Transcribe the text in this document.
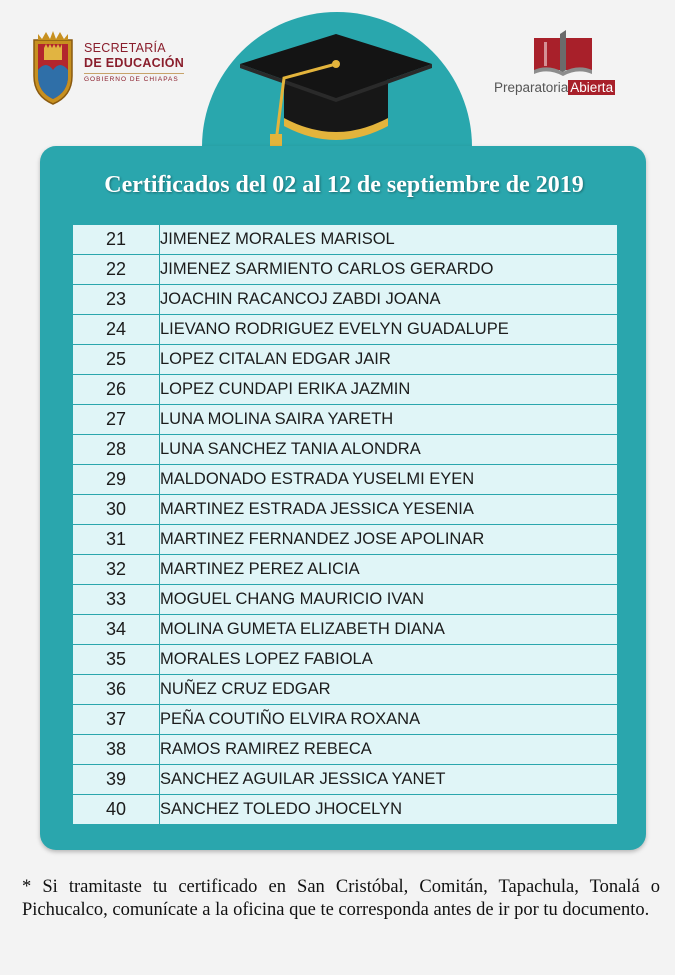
SECRETARÍA
DE EDUCACIÓN
GOBIERNO DE CHIAPAS
Preparatoria Abierta
Certificados del 02 al 12 de septiembre de 2019
21	JIMENEZ MORALES MARISOL
22	JIMENEZ SARMIENTO CARLOS GERARDO
23	JOACHIN RACANCOJ ZABDI JOANA
24	LIEVANO RODRIGUEZ EVELYN GUADALUPE
25	LOPEZ CITALAN EDGAR JAIR
26	LOPEZ CUNDAPI ERIKA JAZMIN
27	LUNA MOLINA SAIRA YARETH
28	LUNA SANCHEZ TANIA ALONDRA
29	MALDONADO ESTRADA YUSELMI EYEN
30	MARTINEZ ESTRADA JESSICA YESENIA
31	MARTINEZ FERNANDEZ JOSE APOLINAR
32	MARTINEZ PEREZ ALICIA
33	MOGUEL CHANG MAURICIO IVAN
34	MOLINA GUMETA ELIZABETH DIANA
35	MORALES LOPEZ FABIOLA
36	NUÑEZ CRUZ EDGAR
37	PEÑA COUTIÑO ELVIRA ROXANA
38	RAMOS RAMIREZ REBECA
39	SANCHEZ AGUILAR JESSICA YANET
40	SANCHEZ TOLEDO JHOCELYN
* Si tramitaste tu certificado en San Cristóbal, Comitán, Tapachula, Tonalá o Pichucalco, comunícate a la oficina que te corresponda antes de ir por tu documento.
